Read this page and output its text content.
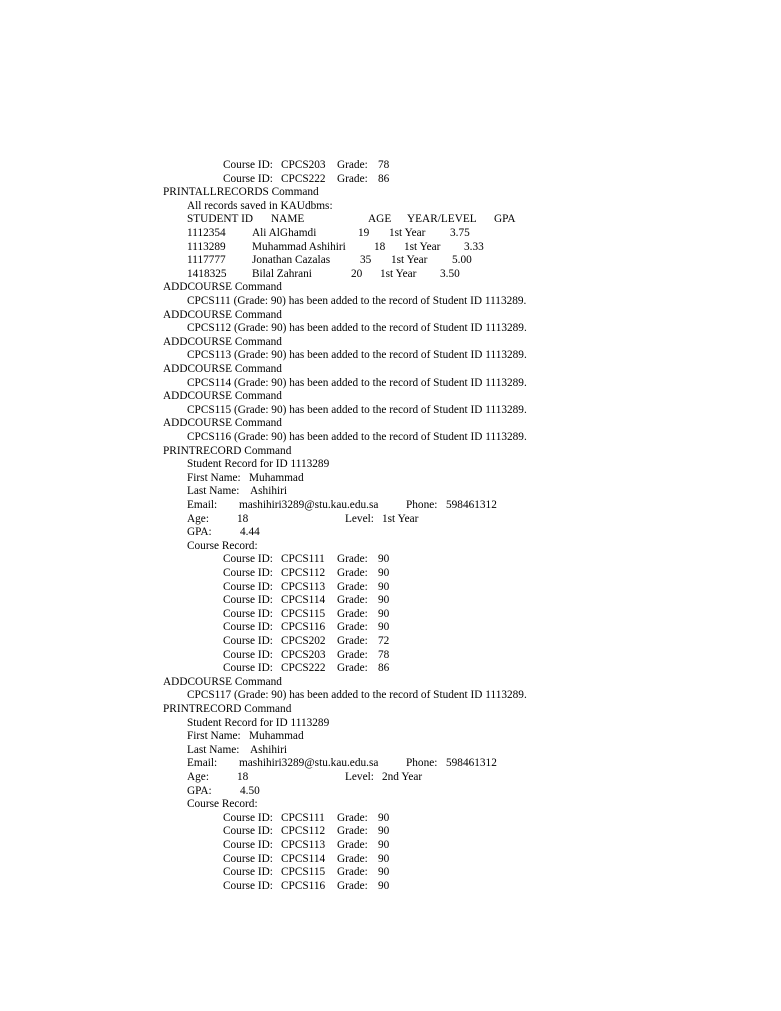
Course ID: CPCS203 Grade: 78
Course ID: CPCS222 Grade: 86
PRINTALLRECORDS Command
All records saved in KAUdbms:
STUDENT ID NAME	AGE YEAR/LEVEL GPA
1112354 Ali AlGhamdi	19 1st Year 3.75
1113289 Muhammad Ashihiri 18 1st Year 3.33
1117777 Jonathan Cazalas	35 1st Year 5.00
1418325 Bilal Zahrani	20 1st Year 3.50
ADDCOURSE Command
CPCS111 (Grade: 90) has been added to the record of Student ID 1113289.
ADDCOURSE Command
CPCS112 (Grade: 90) has been added to the record of Student ID 1113289.
ADDCOURSE Command
CPCS113 (Grade: 90) has been added to the record of Student ID 1113289.
ADDCOURSE Command
CPCS114 (Grade: 90) has been added to the record of Student ID 1113289.
ADDCOURSE Command
CPCS115 (Grade: 90) has been added to the record of Student ID 1113289.
ADDCOURSE Command
CPCS116 (Grade: 90) has been added to the record of Student ID 1113289.
PRINTRECORD Command
Student Record for ID 1113289
First Name: Muhammad
Last Name: Ashihiri
Email: mashihiri3289@stu.kau.edu.sa Phone: 598461312
Age: 18	Level: 1st Year
GPA:	4.44
Course Record:
Course ID: CPCS111 Grade: 90
Course ID: CPCS112 Grade: 90
Course ID: CPCS113 Grade: 90
Course ID: CPCS114 Grade: 90
Course ID: CPCS115 Grade: 90
Course ID: CPCS116 Grade: 90
Course ID: CPCS202 Grade: 72
Course ID: CPCS203 Grade: 78
Course ID: CPCS222 Grade: 86
ADDCOURSE Command
CPCS117 (Grade: 90) has been added to the record of Student ID 1113289.
PRINTRECORD Command
Student Record for ID 1113289
First Name: Muhammad
Last Name: Ashihiri
Email: mashihiri3289@stu.kau.edu.sa Phone: 598461312
Age: 18	Level: 2nd Year
GPA:	4.50
Course Record:
Course ID: CPCS111 Grade: 90
Course ID: CPCS112 Grade: 90
Course ID: CPCS113 Grade: 90
Course ID: CPCS114 Grade: 90
Course ID: CPCS115 Grade: 90
Course ID: CPCS116 Grade: 90
